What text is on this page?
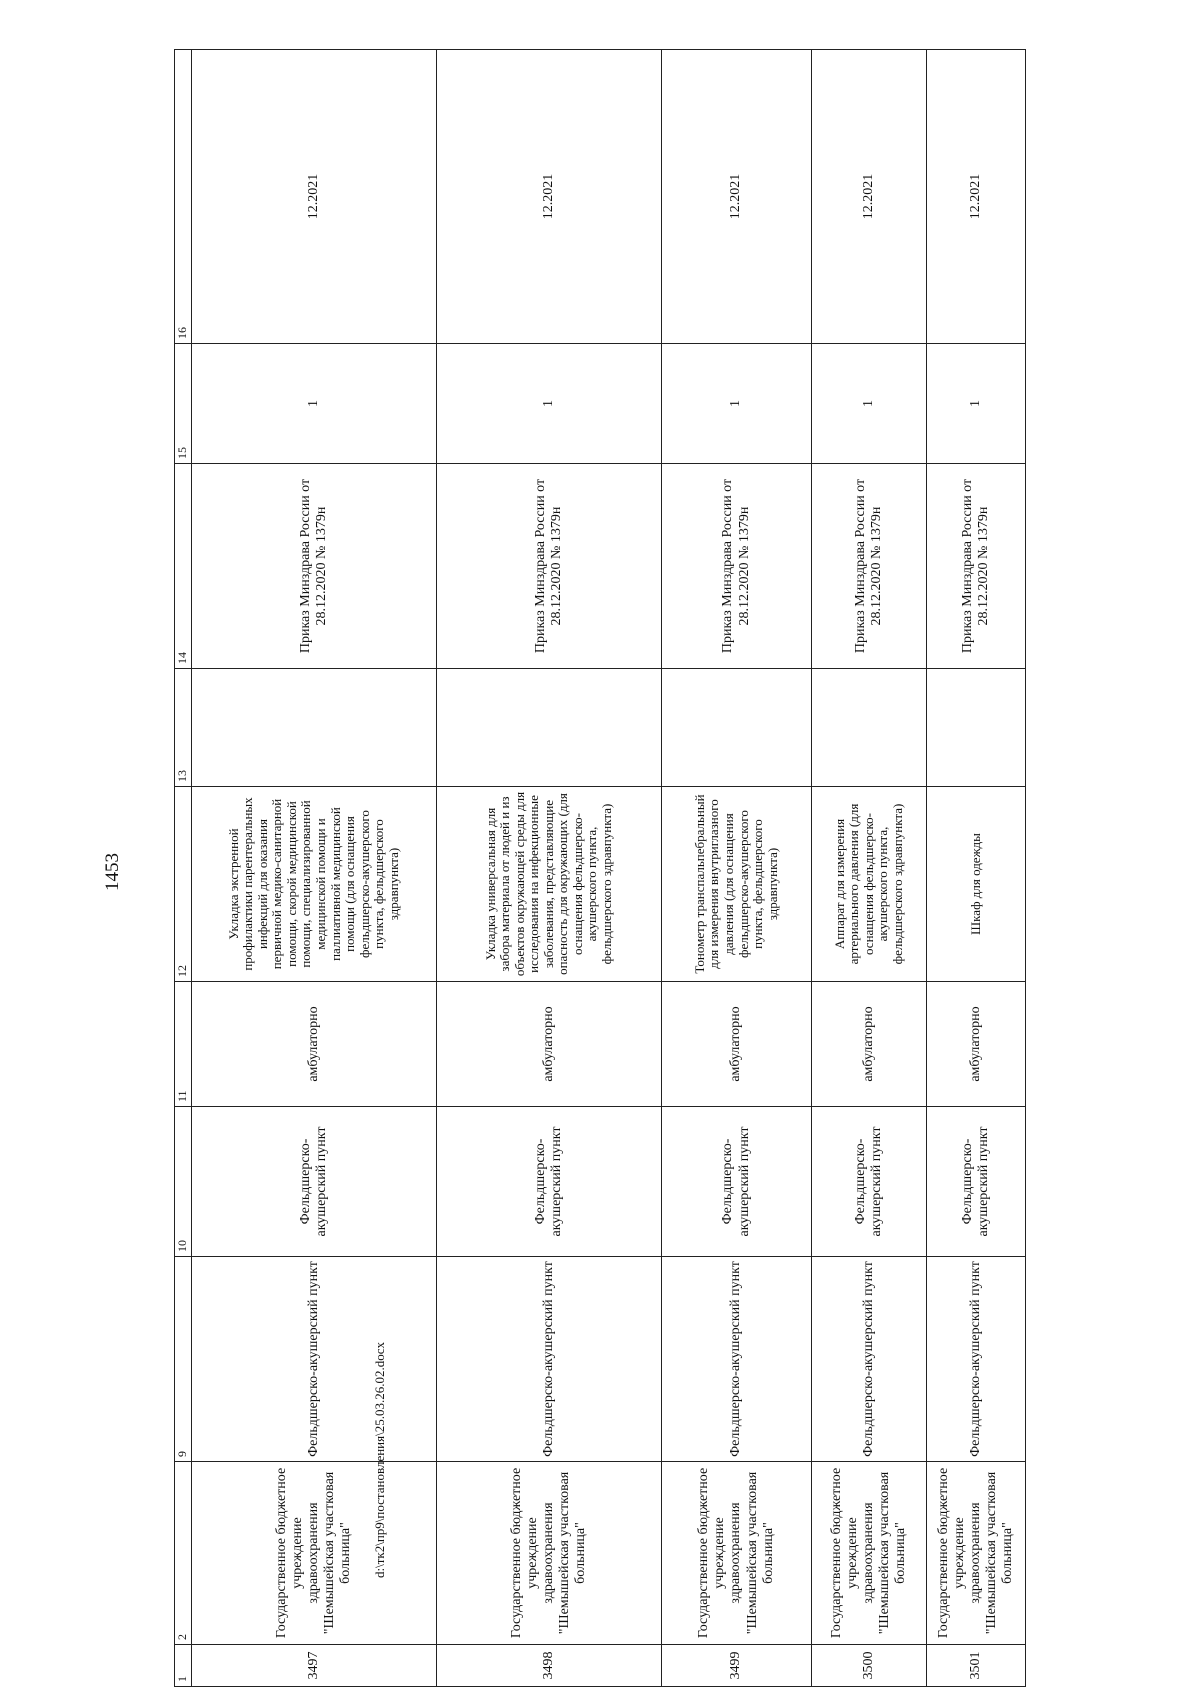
1453
1	2	9	10	11	12	13	14	15	16
3497	Государственное бюджетное учреждение здравоохранения "Шемышейская участковая больница"	Фельдшерско-акушерский пункт	Фельдшерско-акушерский пункт	амбулаторно	Укладка экстренной профилактики парентеральных инфекций для оказания первичной медико-санитарной помощи, скорой медицинской помощи, специализированной медицинской помощи и паллиативной медицинской помощи (для оснащения фельдшерско-акушерского пункта, фельдшерского здравпункта)		Приказ Минздрава России от 28.12.2020 № 1379н	1	12.2021
3498	Государственное бюджетное учреждение здравоохранения "Шемышейская участковая больница"	Фельдшерско-акушерский пункт	Фельдшерско-акушерский пункт	амбулаторно	Укладка универсальная для забора материала от людей и из объектов окружающей среды для исследования на инфекционные заболевания, представляющие опасность для окружающих (для оснащения фельдшерско-акушерского пункта, фельдшерского здравпункта)		Приказ Минздрава России от 28.12.2020 № 1379н	1	12.2021
3499	Государственное бюджетное учреждение здравоохранения "Шемышейская участковая больница"	Фельдшерско-акушерский пункт	Фельдшерско-акушерский пункт	амбулаторно	Тонометр транспальпебральный для измерения внутриглазного давления (для оснащения фельдшерско-акушерского пункта, фельдшерского здравпункта)		Приказ Минздрава России от 28.12.2020 № 1379н	1	12.2021
3500	Государственное бюджетное учреждение здравоохранения "Шемышейская участковая больница"	Фельдшерско-акушерский пункт	Фельдшерско-акушерский пункт	амбулаторно	Аппарат для измерения артериального давления (для оснащения фельдшерско-акушерского пункта, фельдшерского здравпункта)		Приказ Минздрава России от 28.12.2020 № 1379н	1	12.2021
3501	Государственное бюджетное учреждение здравоохранения "Шемышейская участковая больница"	Фельдшерско-акушерский пункт	Фельдшерско-акушерский пункт	амбулаторно	Шкаф для одежды		Приказ Минздрава России от 28.12.2020 № 1379н	1	12.2021
d:\тк2\пр9\постановления\25.03.26.02.docx
